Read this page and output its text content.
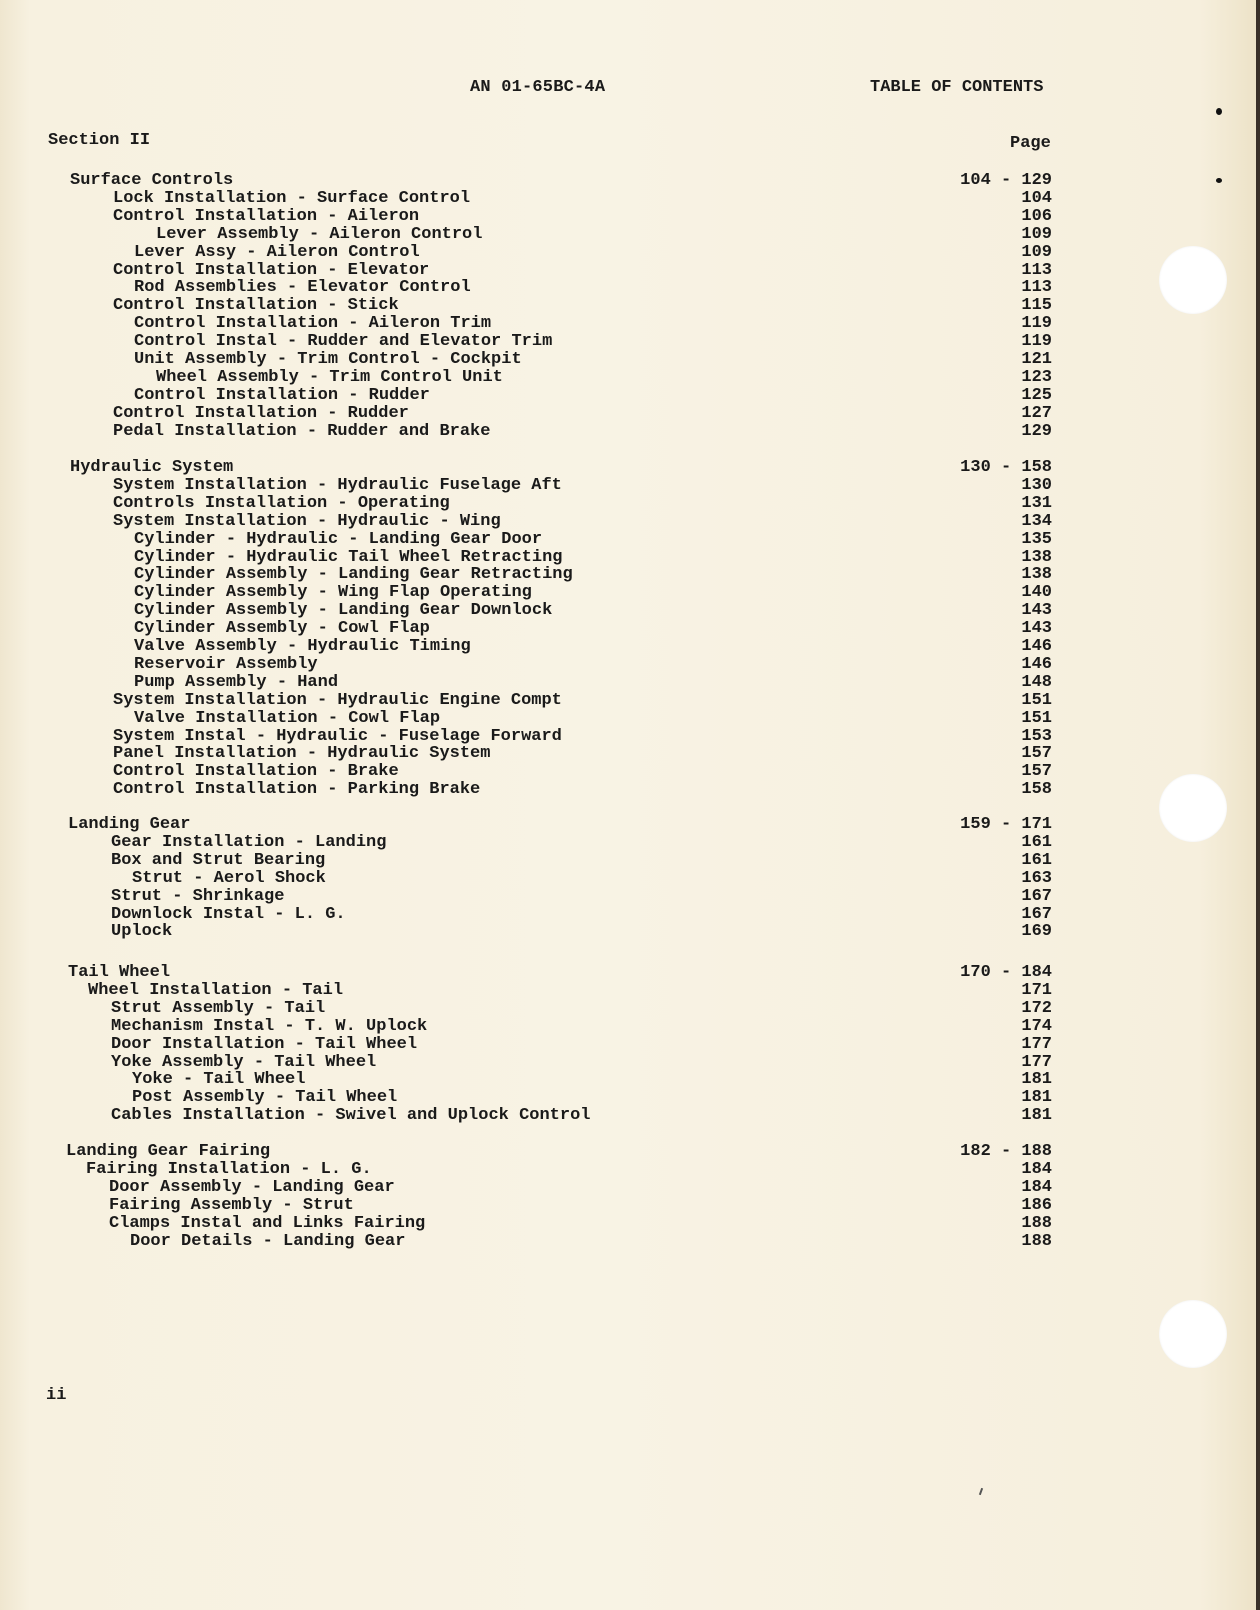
AN 01-65BC-4A	TABLE OF CONTENTS
Section II	Page
Surface Controls	104 - 129
Lock Installation - Surface Control	104
Control Installation - Aileron	106
Lever Assembly - Aileron Control	109
Lever Assy - Aileron Control	109
Control Installation - Elevator	113
Rod Assemblies - Elevator Control	113
Control Installation - Stick	115
Control Installation - Aileron Trim	119
Control Instal - Rudder and Elevator Trim	119
Unit Assembly - Trim Control - Cockpit	121
Wheel Assembly - Trim Control Unit	123
Control Installation - Rudder	125
Control Installation - Rudder	127
Pedal Installation - Rudder and Brake	129
Hydraulic System	130 - 158
System Installation - Hydraulic Fuselage Aft	130
Controls Installation - Operating	131
System Installation - Hydraulic - Wing	134
Cylinder - Hydraulic - Landing Gear Door	135
Cylinder - Hydraulic Tail Wheel Retracting	138
Cylinder Assembly - Landing Gear Retracting	138
Cylinder Assembly - Wing Flap Operating	140
Cylinder Assembly - Landing Gear Downlock	143
Cylinder Assembly - Cowl Flap	143
Valve Assembly - Hydraulic Timing	146
Reservoir Assembly	146
Pump Assembly - Hand	148
System Installation - Hydraulic Engine Compt	151
Valve Installation - Cowl Flap	151
System Instal - Hydraulic - Fuselage Forward	153
Panel Installation - Hydraulic System	157
Control Installation - Brake	157
Control Installation - Parking Brake	158
Landing Gear	159 - 171
Gear Installation - Landing	161
Box and Strut Bearing	161
Strut - Aerol Shock	163
Strut - Shrinkage	167
Downlock Instal - L. G.	167
Uplock	169
Tail Wheel	170 - 184
Wheel Installation - Tail	171
Strut Assembly - Tail	172
Mechanism Instal - T. W. Uplock	174
Door Installation - Tail Wheel	177
Yoke Assembly - Tail Wheel	177
Yoke - Tail Wheel	181
Post Assembly - Tail Wheel	181
Cables Installation - Swivel and Uplock Control	181
Landing Gear Fairing	182 - 188
Fairing Installation - L. G.	184
Door Assembly - Landing Gear	184
Fairing Assembly - Strut	186
Clamps Instal and Links Fairing	188
Door Details - Landing Gear	188
ii
